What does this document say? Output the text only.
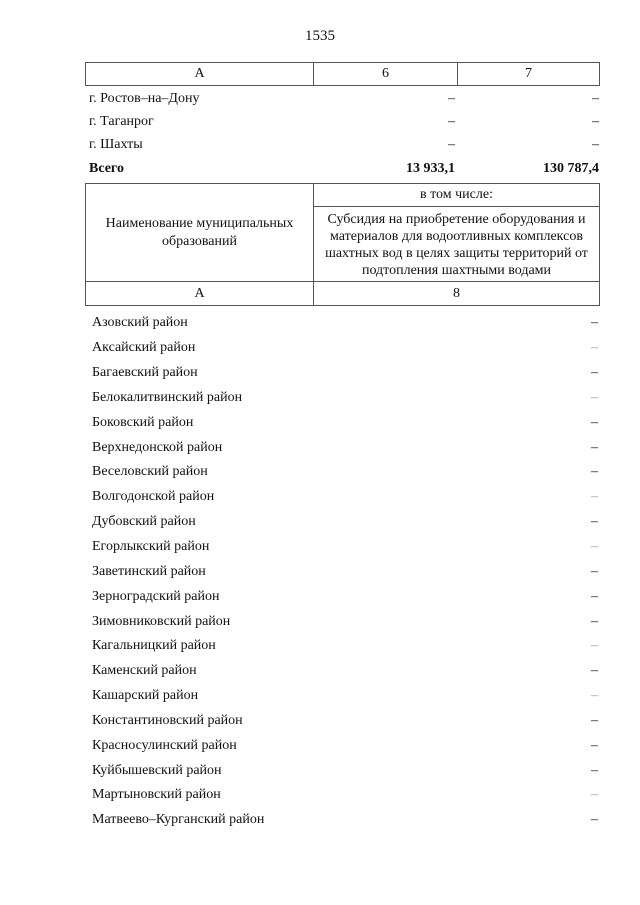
1535
А	6	7
г. Ростов–на–Дону	–	–
г. Таганрог	–	–
г. Шахты	–	–
Всего	13 933,1	130 787,4
Наименование муниципальных образований	в том числе:
	Субсидия на приобретение оборудования и материалов для водоотливных комплексов шахтных вод в целях защиты территорий от подтопления шахтными водами
А	8
Азовский район	–
Аксайский район	–
Багаевский район	–
Белокалитвинский район	–
Боковский район	–
Верхнедонской район	–
Веселовский район	–
Волгодонской район	–
Дубовский район	–
Егорлыкский район	–
Заветинский район	–
Зерноградский район	–
Зимовниковский район	–
Кагальницкий район	–
Каменский район	–
Кашарский район	–
Константиновский район	–
Красносулинский район	–
Куйбышевский район	–
Мартыновский район	–
Матвеево–Курганский район	–
